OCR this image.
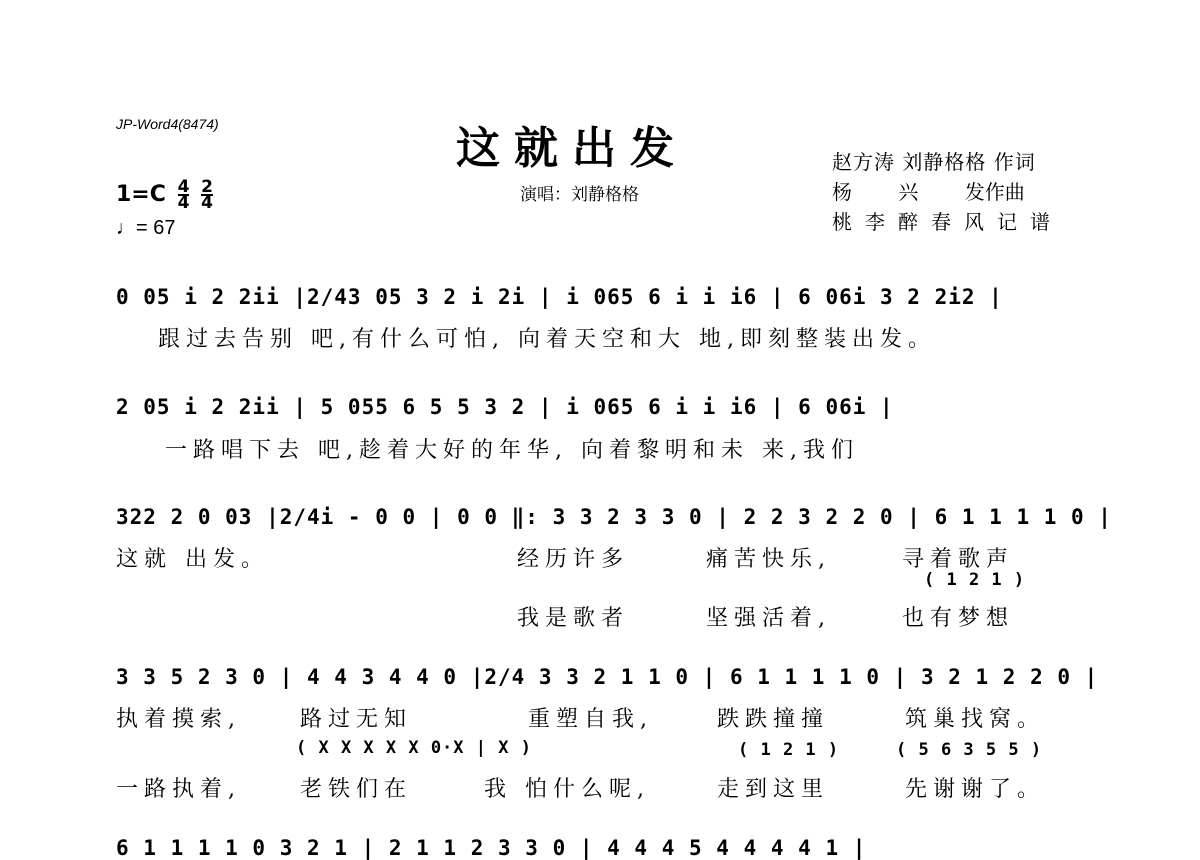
JP-Word4(8474)	这就出发
演唱：刘静格格
赵方涛 刘静格格 作词
杨 兴 发作曲
桃李醉春风记谱
$1=C \frac{4}{4}$
$\frac{2}{4}$
♩= 67
0 05 i 2 2ii |2/43 05 3 2 i 2i | i 065 6 i i i6 | 6 06i 3 2 2i2 |
跟过去告别 吧,有什么可怕, 向着天空和大 地,即刻整装出发。
2 05 i 2 2ii | 5 055 6 5 5 3 2 | i 065 6 i i i6 | 6 06i |
一路唱下去 吧,趁着大好的年华, 向着黎明和未 来,我们
322 2 0 03 |2/4i - 0 0 | 0 0 ‖: 3 3 2 3 3 0 | 2 2 3 2 2 0 | 6 1 1 1 1 0 |
这就 出发。	经历许多	痛苦快乐,	寻着歌声
( 1 2 1 )
我是歌者	坚强活着,	也有梦想
3 3 5 2 3 0 | 4 4 3 4 4 0 |2/4 3 3 2 1 1 0 | 6 1 1 1 1 0 | 3 2 1 2 2 0 |
执着摸索,	路过无知	重塑自我,	跌跌撞撞	筑巢找窝。
( X X X X X 0·X | X )	( 1 2 1 )	( 5 6 3 5 5 )
一路执着,	老铁们在	我 怕什么呢,	走到这里	先谢谢了。
6 1 1 1 1 0 3 2 1 | 2 1 1 2 3 3 0 | 4 4 4 5 4 4 4 4 1 |
